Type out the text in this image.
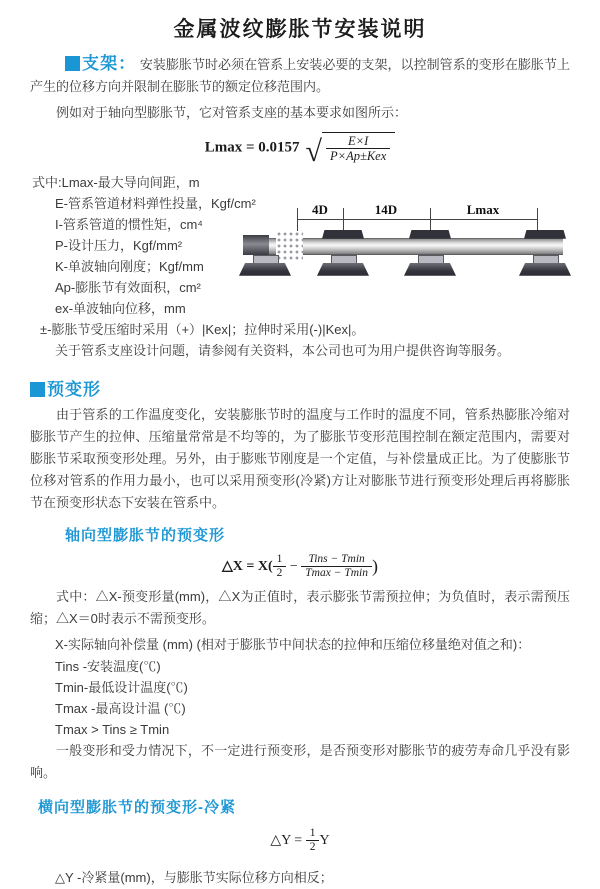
金属波纹膨胀节安装说明

支架： 安装膨胀节时必须在管系上安装必要的支架，以控制管系的变形在膨胀节上产生的位移方向并限制在膨胀节的额定位移范围内。

例如对于轴向型膨胀节，它对管系支座的基本要求如图所示：

Lmax = 0.0157 √ $\frac{E\times I}{\text{P×Ap±Kex}}$
式中:Lmax-最大导向间距，m
E-管系管道材料弹性投量，Kgf/cm²
I-管系管道的惯性矩，cm⁴
P-设计压力，Kgf/mm²
K-单波轴向刚度；Kgf/mm
Ap-膨胀节有效面积，cm²
ex-单波轴向位移，mm
±-膨胀节受压缩时采用（+）|Kex|；拉伸时采用(-)|Kex|。
关于管系支座设计问题，请参阅有关资料，本公司也可为用户提供咨询等服务。
4D	14D	Lmax
预变形

由于管系的工作温度变化，安装膨胀节时的温度与工作时的温度不同，管系热膨胀冷缩对膨胀节产生的拉伸、压缩量常常是不均等的，为了膨胀节变形范围控制在额定范围内，需要对膨胀节采取预变形处理。另外，由于膨账节刚度是一个定值，与补偿量成正比。为了使膨胀节位移对管系的作用力最小，也可以采用预变形(冷紧)方让对膨胀节进行预变形处理后再将膨胀节在预变形状态下安装在管系中。

轴向型膨胀节的预变形
△X = $X( \frac{1}{2} - \frac{\text{Tins − Tmin}}{Tmax - Tmin}$ )

式中：△X-预变形量(mm)，△X为正值时，表示膨张节需预拉伸；为负值时，表示需预压缩；△X＝0时表示不需预变形。

X-实际轴向补偿量 (mm) (相对于膨胀节中间状态的拉伸和压缩位移量绝对值之和)：

Tins -安装温度(℃)
Tmin-最低设计温度(℃)
Tmax -最高设计温 (℃)
Tmax > Tins ≥ Tmin

一般变形和受力情况下，不一定进行预变形，是否预变形对膨胀节的疲劳寿命几乎没有影响。

横向型膨胀节的预变形-冷紧
△Y = $\frac{1}{2}$ Y

△Y -冷紧量(mm)，与膨胀节实际位移方向相反；
